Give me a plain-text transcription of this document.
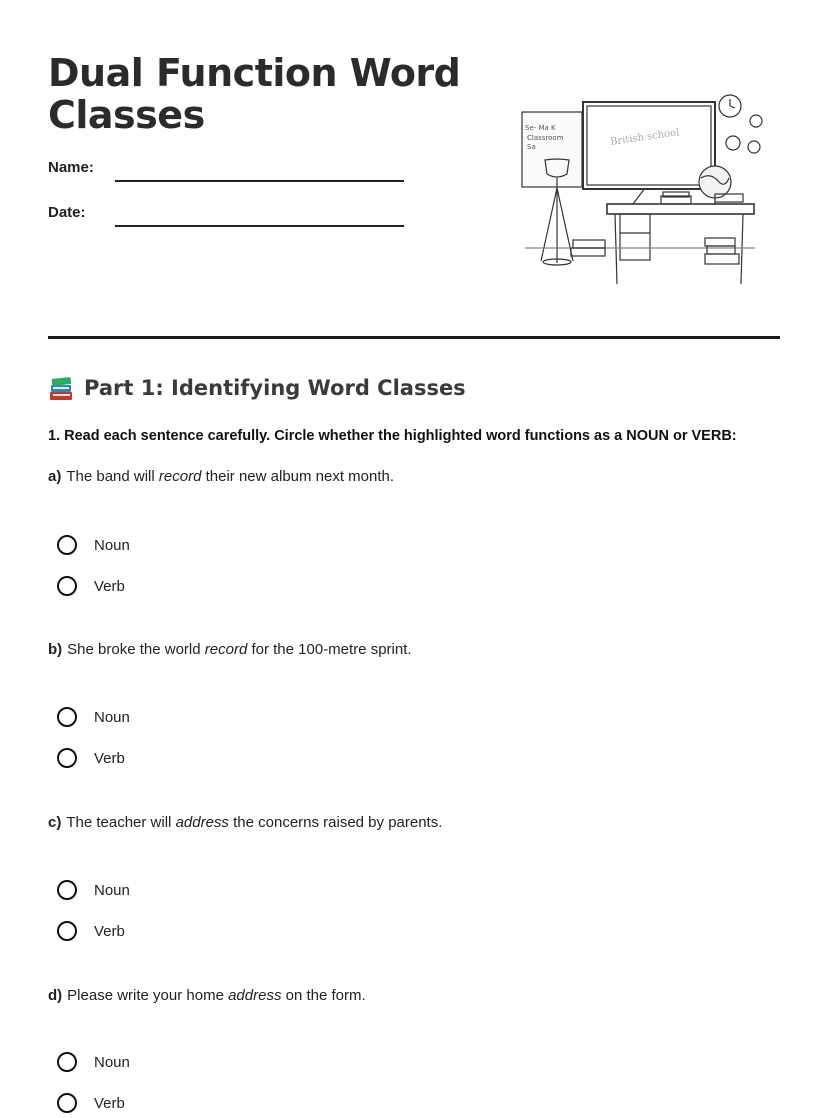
Dual Function Word Classes
Name:
Date:
Se- Ma K
Classroom
Sa	British school
Part 1: Identifying Word Classes
1. Read each sentence carefully. Circle whether the highlighted word functions as a NOUN or VERB:
a) The band will record their new album next month.
Noun
Verb
b) She broke the world record for the 100-metre sprint.
Noun
Verb
c) The teacher will address the concerns raised by parents.
Noun
Verb
d) Please write your home address on the form.
Noun
Verb
